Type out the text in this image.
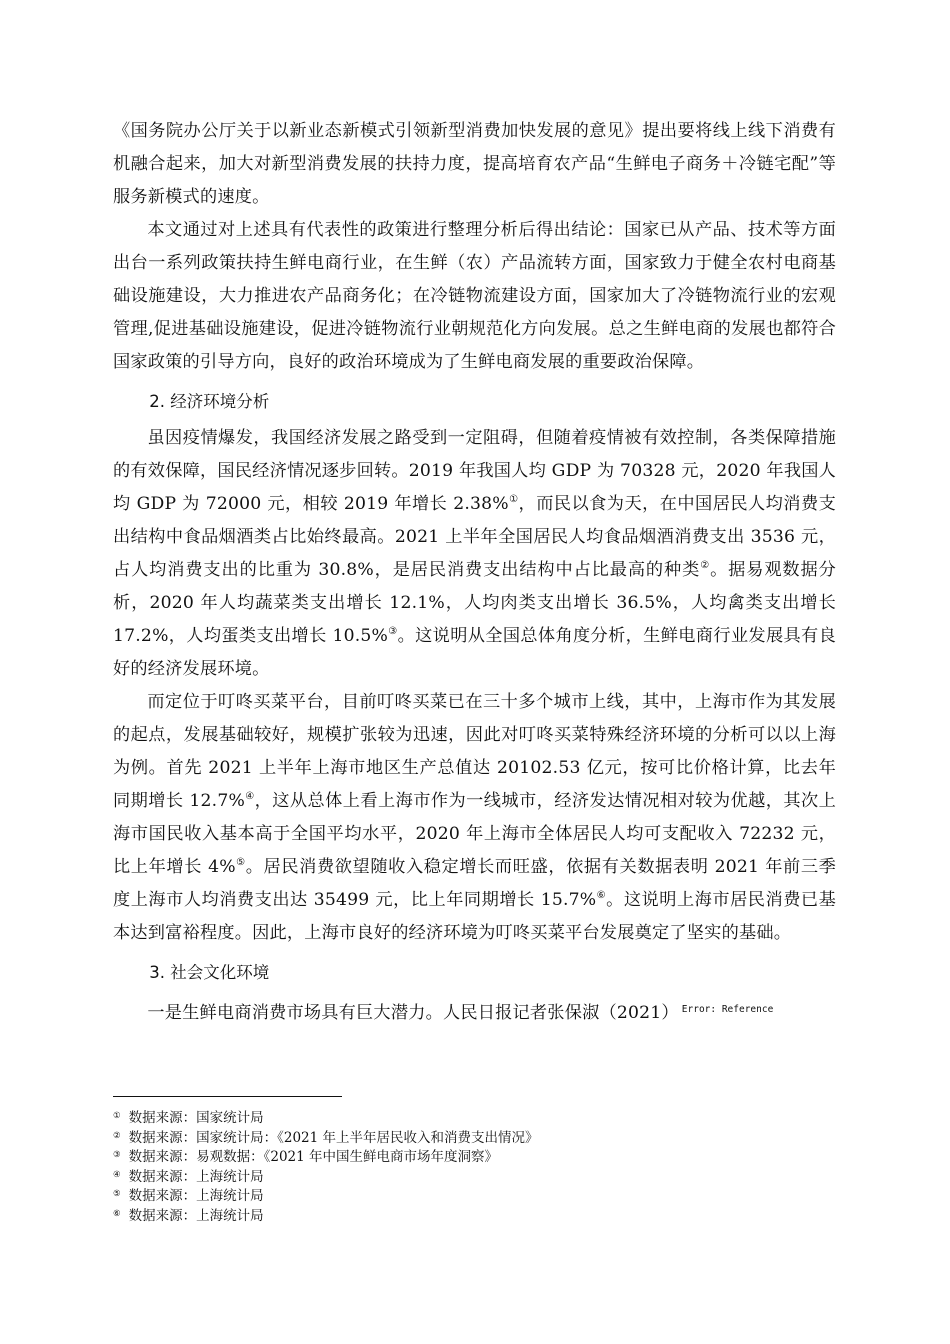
《国务院办公厅关于以新业态新模式引领新型消费加快发展的意见》提出要将线上线下消费有机融合起来，加大对新型消费发展的扶持力度，提高培育农产品“生鲜电子商务＋冷链宅配”等服务新模式的速度。

本文通过对上述具有代表性的政策进行整理分析后得出结论：国家已从产品、技术等方面出台一系列政策扶持生鲜电商行业，在生鲜（农）产品流转方面，国家致力于健全农村电商基础设施建设，大力推进农产品商务化；在冷链物流建设方面，国家加大了冷链物流行业的宏观管理,促进基础设施建设，促进冷链物流行业朝规范化方向发展。总之生鲜电商的发展也都符合国家政策的引导方向，良好的政治环境成为了生鲜电商发展的重要政治保障。

2. 经济环境分析

虽因疫情爆发，我国经济发展之路受到一定阻碍，但随着疫情被有效控制，各类保障措施的有效保障，国民经济情况逐步回转。2019 年我国人均 GDP 为 70328 元，2020 年我国人均 GDP 为 72000 元，相较 2019 年增长 2.38%①，而民以食为天，在中国居民人均消费支出结构中食品烟酒类占比始终最高。2021 上半年全国居民人均食品烟酒消费支出 3536 元，占人均消费支出的比重为 30.8%，是居民消费支出结构中占比最高的种类②。据易观数据分析，2020 年人均蔬菜类支出增长 12.1%，人均肉类支出增长 36.5%，人均禽类支出增长 17.2%，人均蛋类支出增长 10.5%③。这说明从全国总体角度分析，生鲜电商行业发展具有良好的经济发展环境。

而定位于叮咚买菜平台，目前叮咚买菜已在三十多个城市上线，其中，上海市作为其发展的起点，发展基础较好，规模扩张较为迅速，因此对叮咚买菜特殊经济环境的分析可以以上海为例。首先 2021 上半年上海市地区生产总值达 20102.53 亿元，按可比价格计算，比去年同期增长 12.7%④，这从总体上看上海市作为一线城市，经济发达情况相对较为优越，其次上海市国民收入基本高于全国平均水平，2020 年上海市全体居民人均可支配收入 72232 元，比上年增长 4%⑤。居民消费欲望随收入稳定增长而旺盛，依据有关数据表明 2021 年前三季度上海市人均消费支出达 35499 元，比上年同期增长 15.7%⑥。这说明上海市居民消费已基本达到富裕程度。因此，上海市良好的经济环境为叮咚买菜平台发展奠定了坚实的基础。

3. 社会文化环境

一是生鲜电商消费市场具有巨大潜力。人民日报记者张保淑（2021） $^{Error: Reference}$

① 数据来源：国家统计局
② 数据来源：国家统计局：《2021 年上半年居民收入和消费支出情况》
③ 数据来源：易观数据：《2021 年中国生鲜电商市场年度洞察》
④ 数据来源：上海统计局
⑤ 数据来源：上海统计局
⑥ 数据来源：上海统计局
